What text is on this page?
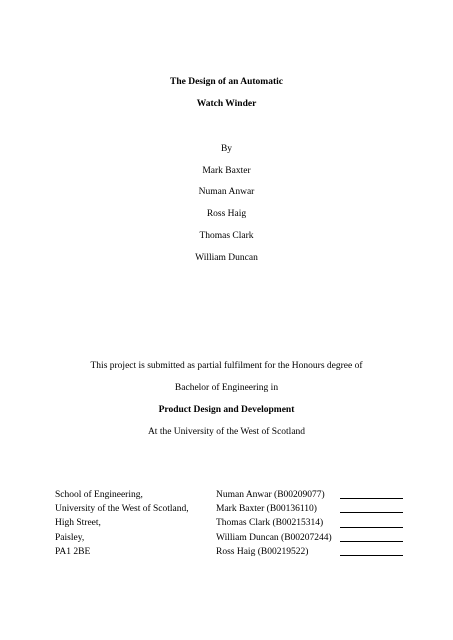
The Design of an Automatic
Watch Winder
By
Mark Baxter
Numan Anwar
Ross Haig
Thomas Clark
William Duncan
This project is submitted as partial fulfilment for the Honours degree of
Bachelor of Engineering in
Product Design and Development
At the University of the West of Scotland
School of Engineering,
University of the West of Scotland,
High Street,
Paisley,
PA1 2BE
Numan Anwar (B00209077)
Mark Baxter (B00136110)
Thomas Clark (B00215314)
William Duncan (B00207244)
Ross Haig (B00219522)
